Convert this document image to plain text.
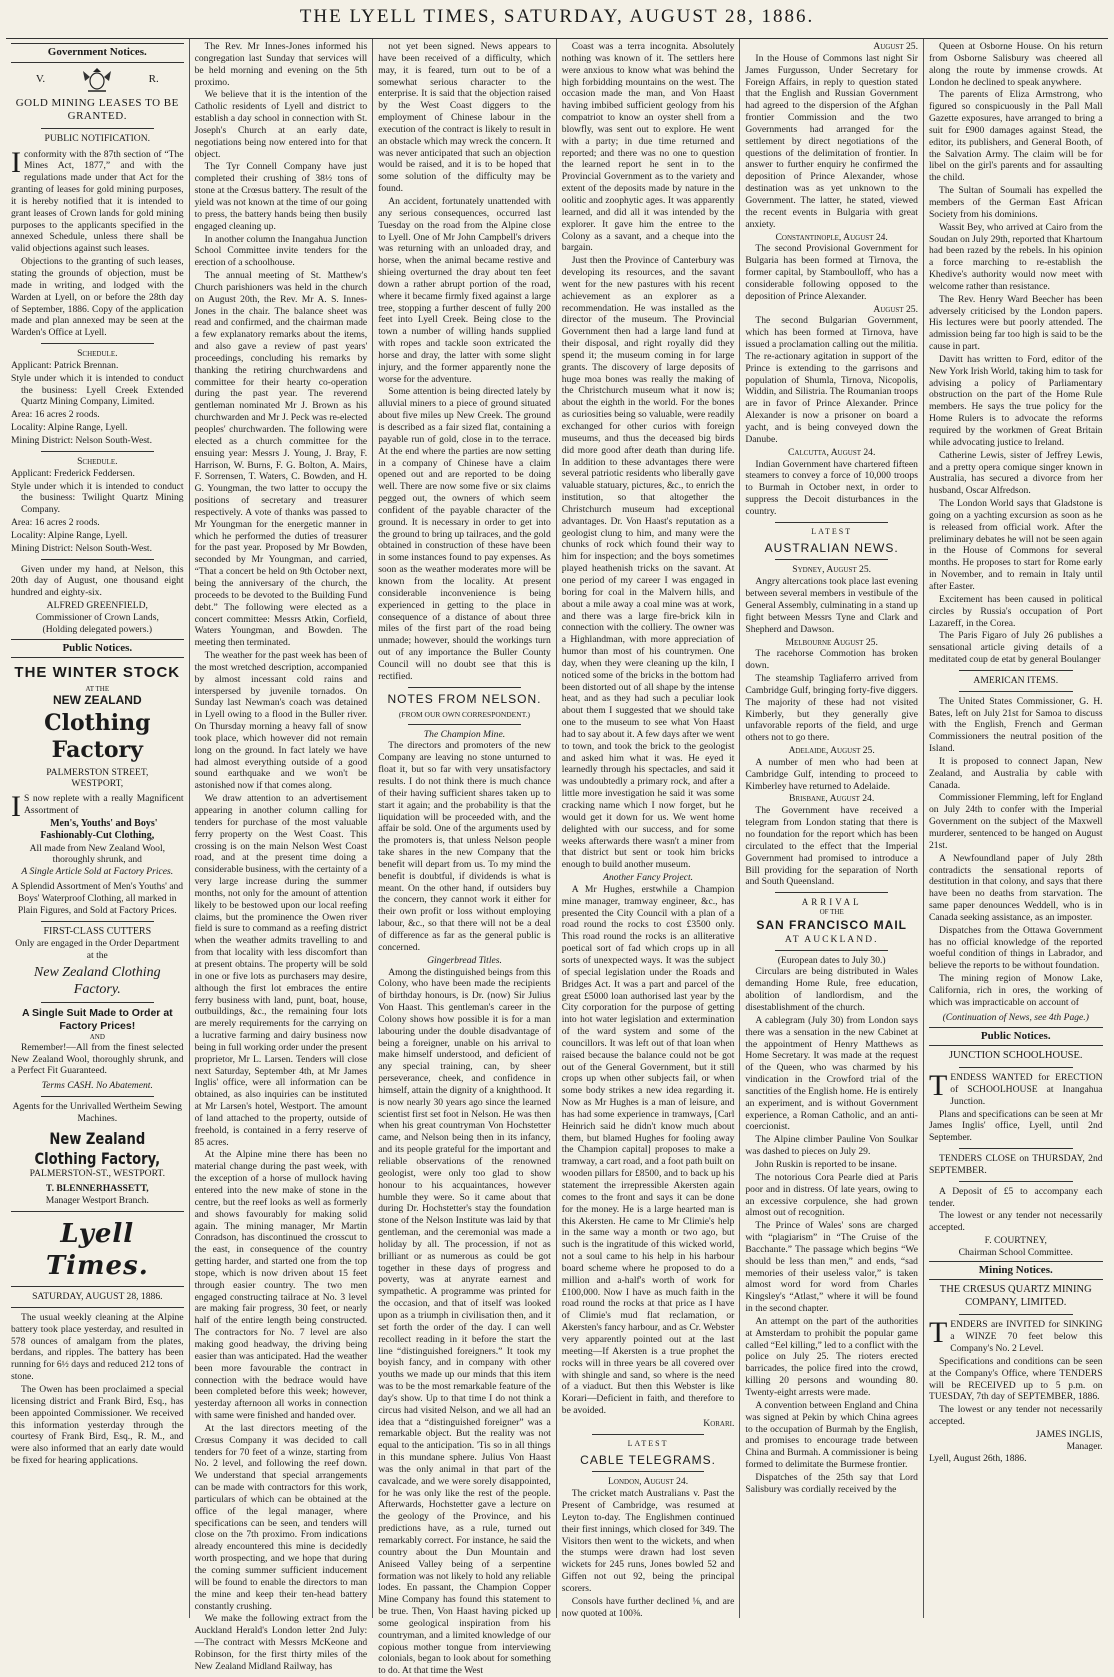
THE LYELL TIMES, SATURDAY, AUGUST 28, 1886.
Government Notices.
V.	R.
GOLD MINING LEASES TO BE GRANTED.
PUBLIC NOTIFICATION.

Iconformity with the 87th section of “The Mines Act, 1877,” and with the regulations made under that Act for the granting of leases for gold mining purposes, it is hereby notified that it is intended to grant leases of Crown lands for gold mining purposes to the applicants specified in the annexed Schedule, unless there shall be valid objections against such leases.

Objections to the granting of such leases, stating the grounds of objection, must be made in writing, and lodged with the Warden at Lyell, on or before the 28th day of September, 1886. Copy of the application made and plan annexed may be seen at the Warden's Office at Lyell.

Schedule.

Applicant: Patrick Brennan.

Style under which it is intended to conduct the business: Lyell Creek Extended Quartz Mining Company, Limited.

Area: 16 acres 2 roods.

Locality: Alpine Range, Lyell.

Mining District: Nelson South-West.

Schedule.

Applicant: Frederick Feddersen.

Style under which it is intended to conduct the business: Twilight Quartz Mining Company.

Area: 16 acres 2 roods.

Locality: Alpine Range, Lyell.

Mining District: Nelson South-West.

Given under my hand, at Nelson, this 20th day of August, one thousand eight hundred and eighty-six.

ALFRED GREENFIELD,
Commissioner of Crown Lands,
(Holding delegated powers.)
Public Notices.
THE WINTER STOCK
AT THE
NEW ZEALAND
Clothing Factory
PALMERSTON STREET,
WESTPORT,

I S now replete with a really Magnificent Assortment of

Men's, Youths' and Boys' Fashionably-Cut Clothing,
All made from New Zealand Wool, thoroughly shrunk, and
A Single Article Sold at Factory Prices.

A Splendid Assortment of Men's Youths' and Boys' Waterproof Clothing, all marked in Plain Figures, and Sold at Factory Prices.

FIRST-CLASS CUTTERS
Only are engaged in the Order Department at the
New Zealand Clothing Factory.
A Single Suit Made to Order at Factory Prices!
AND

Remember!—All from the finest selected New Zealand Wool, thoroughly shrunk, and a Perfect Fit Guaranteed.

Terms CASH. No Abatement.
Agents for the Unrivalled Wertheim Sewing Machines.
New Zealand Clothing Factory,
PALMERSTON-ST., WESTPORT.
T. BLENNERHASSETT,
Manager Westport Branch.
Lyell Times.
SATURDAY, AUGUST 28, 1886.

The usual weekly cleaning at the Alpine battery took place yesterday, and resulted in 578 ounces of amalgam from the plates, berdans, and ripples. The battery has been running for 6½ days and reduced 212 tons of stone.

The Owen has been proclaimed a special licensing district and Frank Bird, Esq., has been appointed Commissioner. We received this information yesterday through the courtesy of Frank Bird, Esq., R. M., and were also informed that an early date would be fixed for hearing applications.

The Rev. Mr Innes-Jones informed his congregation last Sunday that services will be held morning and evening on the 5th proximo.

We believe that it is the intention of the Catholic residents of Lyell and district to establish a day school in connection with St. Joseph's Church at an early date, negotiations being now entered into for that object.

The Tyr Connell Company have just completed their crushing of 38½ tons of stone at the Crœsus battery. The result of the yield was not known at the time of our going to press, the battery hands being then busily engaged cleaning up.

In another column the Inangahua Junction School Committee invite tenders for the erection of a schoolhouse.

The annual meeting of St. Matthew's Church parishioners was held in the church on August 20th, the Rev. Mr A. S. Innes-Jones in the chair. The balance sheet was read and confirmed, and the chairman made a few explanatory remarks about the items, and also gave a review of past years' proceedings, concluding his remarks by thanking the retiring churchwardens and committee for their hearty co-operation during the past year. The reverend gentleman nominated Mr J. Brown as his churchwarden and Mr J. Peck was re-elected peoples' churchwarden. The following were elected as a church committee for the ensuing year: Messrs J. Young, J. Bray, F. Harrison, W. Burns, F. G. Bolton, A. Mairs, F. Sorrensen, T. Waters, C. Bowden, and H. G. Youngman, the two latter to occupy the positions of secretary and treasurer respectively. A vote of thanks was passed to Mr Youngman for the energetic manner in which he performed the duties of treasurer for the past year. Proposed by Mr Bowden, seconded by Mr Youngman, and carried, “That a concert be held on 9th October next, being the anniversary of the church, the proceeds to be devoted to the Building Fund debt.” The following were elected as a concert committee: Messrs Atkin, Corfield, Waters Youngman, and Bowden. The meeting then terminated.

The weather for the past week has been of the most wretched description, accompanied by almost incessant cold rains and interspersed by juvenile tornados. On Sunday last Newman's coach was detained in Lyell owing to a flood in the Buller river. On Thursday morning a heavy fall of snow took place, which however did not remain long on the ground. In fact lately we have had almost everything outside of a good sound earthquake and we won't be astonished now if that comes along.

We draw attention to an advertisement appearing in another column calling for tenders for purchase of the most valuable ferry property on the West Coast. This crossing is on the main Nelson West Coast road, and at the present time doing a considerable business, with the certainty of a very large increase during the summer months, not only for the amount of attention likely to be bestowed upon our local reefing claims, but the prominence the Owen river field is sure to command as a reefing district when the weather admits travelling to and from that locality with less discomfort than at present obtains. The property will be sold in one or five lots as purchasers may desire, although the first lot embraces the entire ferry business with land, punt, boat, house, outbuildings, &c., the remaining four lots are merely requirements for the carrying on a lucrative farming and dairy business now being in full working order under the present proprietor, Mr L. Larsen. Tenders will close next Saturday, September 4th, at Mr James Inglis' office, were all information can be obtained, as also inquiries can be instituted at Mr Larsen's hotel, Westport. The amount of land attached to the property, outside of freehold, is contained in a ferry reserve of 85 acres.

At the Alpine mine there has been no material change during the past week, with the exception of a horse of mullock having entered into the new make of stone in the centre, but the reef looks as well as formerly and shows favourably for making solid again. The mining manager, Mr Martin Conradson, has discontinued the crosscut to the east, in consequence of the country getting harder, and started one from the top stope, which is now driven about 15 feet through easier country. The two men engaged constructing tailrace at No. 3 level are making fair progress, 30 feet, or nearly half of the entire length being constructed. The contractors for No. 7 level are also making good headway, the driving being easier than was anticipated. Had the weather been more favourable the contract in connection with the bedrace would have been completed before this week; however, yesterday afternoon all works in connection with same were finished and handed over.

At the last directors meeting of the Crœsus Company it was decided to call tenders for 70 feet of a winze, starting from No. 2 level, and following the reef down. We understand that special arrangements can be made with contractors for this work, particulars of which can be obtained at the office of the legal manager, where specifications can be seen, and tenders will close on the 7th proximo. From indications already encountered this mine is decidedly worth prospecting, and we hope that during the coming summer sufficient inducement will be found to enable the directors to man the mine and keep their ten-head battery constantly crushing.

We make the following extract from the Auckland Herald's London letter 2nd July:—The contract with Messrs McKeone and Robinson, for the first thirty miles of the New Zealand Midland Railway, has

not yet been signed. News appears to have been received of a difficulty, which may, it is feared, turn out to be of a somewhat serious character to the enterprise. It is said that the objection raised by the West Coast diggers to the employment of Chinese labour in the execution of the contract is likely to result in an obstacle which may wreck the concern. It was never anticipated that such an objection would be raised, and it is to be hoped that some solution of the difficulty may be found.

An accident, fortunately unattended with any serious consequences, occurred last Tuesday on the road from the Alpine close to Lyell. One of Mr John Campbell's drivers was returning with an unloaded dray, and horse, when the animal became restive and shieing overturned the dray about ten feet down a rather abrupt portion of the road, where it became firmly fixed against a large tree, stopping a further descent of fully 200 feet into Lyell Creek. Being close to the town a number of willing hands supplied with ropes and tackle soon extricated the horse and dray, the latter with some slight injury, and the former apparently none the worse for the adventure.

Some attention is being directed lately by alluvial miners to a piece of ground situated about five miles up New Creek. The ground is described as a fair sized flat, containing a payable run of gold, close in to the terrace. At the end where the parties are now setting in a company of Chinese have a claim opened out and are reported to be doing well. There are now some five or six claims pegged out, the owners of which seem confident of the payable character of the ground. It is necessary in order to get into the ground to bring up tailraces, and the gold obtained in construction of these have been in some instances found to pay expenses. As soon as the weather moderates more will be known from the locality. At present considerable inconvenience is being experienced in getting to the place in consequence of a distance of about three miles of the first part of the road being unmade; however, should the workings turn out of any importance the Buller County Council will no doubt see that this is rectified.

NOTES FROM NELSON.
(FROM OUR OWN CORRESPONDENT.)
The Champion Mine.

The directors and promoters of the new Company are leaving no stone unturned to float it, but so far with very unsatisfactory results. I do not think there is much chance of their having sufficient shares taken up to start it again; and the probability is that the liquidation will be proceeded with, and the affair be sold. One of the arguments used by the promoters is, that unless Nelson people take shares in the new Company that the benefit will depart from us. To my mind the benefit is doubtful, if dividends is what is meant. On the other hand, if outsiders buy the concern, they cannot work it either for their own profit or loss without employing labour, &c., so that there will not be a deal of difference as far as the general public is concerned.

Gingerbread Titles.

Among the distinguished beings from this Colony, who have been made the recipients of birthday honours, is Dr. (now) Sir Julius Von Haast. This gentleman's career in the Colony shows how possible it is for a man labouring under the double disadvantage of being a foreigner, unable on his arrival to make himself understood, and deficient of any special training, can, by sheer perseverance, cheek, and confidence in himself, attain the dignity of a knighthood. It is now nearly 30 years ago since the learned scientist first set foot in Nelson. He was then when his great countryman Von Hochstetter came, and Nelson being then in its infancy, and its people grateful for the important and reliable observations of the renowned geologist, were only too glad to show honour to his acquaintances, however humble they were. So it came about that during Dr. Hochstetter's stay the foundation stone of the Nelson Institute was laid by that gentleman, and the ceremonial was made a holiday by all. The procession, if not as brilliant or as numerous as could be got together in these days of progress and poverty, was at anyrate earnest and sympathetic. A programme was printed for the occasion, and that of itself was looked upon as a triumph in civilisation then, and it set forth the order of the day. I can well recollect reading in it before the start the line “distinguished foreigners.” It took my boyish fancy, and in company with other youths we made up our minds that this item was to be the most remarkable feature of the day's show. Up to that time I do not think a circus had visited Nelson, and we all had an idea that a “distinguished foreigner” was a remarkable object. But the reality was not equal to the anticipation. 'Tis so in all things in this mundane sphere. Julius Von Haast was the only animal in that part of the cavalcade, and we were sorely disappointed, for he was only like the rest of the people. Afterwards, Hochstetter gave a lecture on the geology of the Province, and his predictions have, as a rule, turned out remarkably correct. For instance, he said the country about the Dun Mountain and Aniseed Valley being of a serpentine formation was not likely to hold any reliable lodes. En passant, the Champion Copper Mine Company has found this statement to be true. Then, Von Haast having picked up some geological inspiration from his countryman, and a limited knowledge of our copious mother tongue from interviewing colonials, began to look about for something to do. At that time the West

Coast was a terra incognita. Absolutely nothing was known of it. The settlers here were anxious to know what was behind the high forbidding mountains on the west. The occasion made the man, and Von Haast having imbibed sufficient geology from his compatriot to know an oyster shell from a blowfly, was sent out to explore. He went with a party; in due time returned and reported; and there was no one to question the learned report he sent in to the Provincial Government as to the variety and extent of the deposits made by nature in the oolitic and zoophytic ages. It was apparently learned, and did all it was intended by the explorer. It gave him the entree to the Colony as a savant, and a cheque into the bargain.

Just then the Province of Canterbury was developing its resources, and the savant went for the new pastures with his recent achievement as an explorer as a recommendation. He was installed as the director of the museum. The Provincial Government then had a large land fund at their disposal, and right royally did they spend it; the museum coming in for large grants. The discovery of large deposits of huge moa bones was really the making of the Christchurch museum what it now is; about the eighth in the world. For the bones as curiosities being so valuable, were readily exchanged for other curios with foreign museums, and thus the deceased big birds did more good after death than during life. In addition to these advantages there were several patriotic residents who liberally gave valuable statuary, pictures, &c., to enrich the institution, so that altogether the Christchurch museum had exceptional advantages. Dr. Von Haast's reputation as a geologist clung to him, and many were the chunks of rock which found their way to him for inspection; and the boys sometimes played heathenish tricks on the savant. At one period of my career I was engaged in boring for coal in the Malvern hills, and about a mile away a coal mine was at work, and there was a large fire-brick kiln in connection with the colliery. The owner was a Highlandman, with more appreciation of humor than most of his countrymen. One day, when they were cleaning up the kiln, I noticed some of the bricks in the bottom had been distorted out of all shape by the intense heat, and as they had such a peculiar look about them I suggested that we should take one to the museum to see what Von Haast had to say about it. A few days after we went to town, and took the brick to the geologist and asked him what it was. He eyed it learnedly through his spectacles, and said it was undoubtedly a primary rock, and after a little more investigation he said it was some cracking name which I now forget, but he would get it down for us. We went home delighted with our success, and for some weeks afterwards there wasn't a miner from that district but sent or took him bricks enough to build another museum.

Another Fancy Project.

A Mr Hughes, erstwhile a Champion mine manager, tramway engineer, &c., has presented the City Council with a plan of a road round the rocks to cost £3500 only. This road round the rocks is an alliterative poetical sort of fad which crops up in all sorts of unexpected ways. It was the subject of special legislation under the Roads and Bridges Act. It was a part and parcel of the great £5000 loan authorised last year by the City corporation for the purpose of getting into hot water legislation and extermination of the ward system and some of the councillors. It was left out of that loan when raised because the balance could not be got out of the General Government, but it still crops up when other subjects fail, or when some body strikes a new idea regarding it. Now as Mr Hughes is a man of leisure, and has had some experience in tramways, [Carl Heinrich said he didn't know much about them, but blamed Hughes for fooling away the Champion capital] proposes to make a tramway, a cart road, and a foot path built on wooden pillars for £8500, and to back up his statement the irrepressible Akersten again comes to the front and says it can be done for the money. He is a large hearted man is this Akersten. He came to Mr Climie's help in the same way a month or two ago, but such is the ingratitude of this wicked world, not a soul came to his help in his harbour board scheme where he proposed to do a million and a-half's worth of work for £100,000. Now I have as much faith in the road round the rocks at that price as I have of Climie's mud flat reclamation, or Akersten's fancy harbour, and as Cr. Webster very apparently pointed out at the last meeting—If Akersten is a true prophet the rocks will in three years be all covered over with shingle and sand, so where is the need of a viaduct. But then this Webster is like Korari—Deficient in faith, and therefore to be avoided.

Korari.
LATEST
CABLE TELEGRAMS.
London, August 24.

The cricket match Australians v. Past the Present of Cambridge, was resumed at Leyton to-day. The Englishmen continued their first innings, which closed for 349. The Visitors then went to the wickets, and when the stumps were drawn had lost seven wickets for 245 runs, Jones bowled 52 and Giffen not out 92, being the principal scorers.

Consols have further declined ⅛, and are now quoted at 100⅜.

August 25.

In the House of Commons last night Sir James Furgusson, Under Secretary for Foreign Affairs, in reply to question stated that the English and Russian Government had agreed to the dispersion of the Afghan frontier Commission and the two Governments had arranged for the settlement by direct negotiations of the questions of the delimitation of frontier. In answer to further enquiry he confirmed the deposition of Prince Alexander, whose destination was as yet unknown to the Government. The latter, he stated, viewed the recent events in Bulgaria with great anxiety.

Constantinople, August 24.

The second Provisional Government for Bulgaria has been formed at Tirnova, the former capital, by Stamboulloff, who has a considerable following opposed to the deposition of Prince Alexander.

August 25.

The second Bulgarian Government, which has been formed at Tirnova, have issued a proclamation calling out the militia. The re-actionary agitation in support of the Prince is extending to the garrisons and population of Shumla, Tirnova, Nicopolis, Widdin, and Silistria. The Roumanian troops are in favor of Prince Alexander. Prince Alexander is now a prisoner on board a yacht, and is being conveyed down the Danube.

Calcutta, August 24.

Indian Government have chartered fifteen steamers to convey a force of 10,000 troops to Burmah in October next, in order to suppress the Decoit disturbances in the country.

LATEST
AUSTRALIAN NEWS.
Sydney, August 25.

Angry altercations took place last evening between several members in vestibule of the General Assembly, culminating in a stand up fight between Messrs Tyne and Clark and Shepherd and Dawson.

Melbourne August 25.

The racehorse Commotion has broken down.

The steamship Tagliaferro arrived from Cambridge Gulf, bringing forty-five diggers. The majority of these had not visited Kimberly, but they generally give unfavorable reports of the field, and urge others not to go there.

Adelaide, August 25.

A number of men who had been at Cambridge Gulf, intending to proceed to Kimberley have returned to Adelaide.

Brisbane, August 24.

The Government have received a telegram from London stating that there is no foundation for the report which has been circulated to the effect that the Imperial Government had promised to introduce a Bill providing for the separation of North and South Queensland.

ARRIVAL
OF THE
SAN FRANCISCO MAIL
AT AUCKLAND.
(European dates to July 30.)

Circulars are being distributed in Wales demanding Home Rule, free education, abolition of landlordism, and the disestablishment of the church.

A cablegram (July 30) from London says there was a sensation in the new Cabinet at the appointment of Henry Matthews as Home Secretary. It was made at the request of the Queen, who was charmed by his vindication in the Crowford trial of the sanctities of the English home. He is entirely an experiment, and is without Government experience, a Roman Catholic, and an anti-coercionist.

The Alpine climber Pauline Von Soulkar was dashed to pieces on July 29.

John Ruskin is reported to be insane.

The notorious Cora Pearle died at Paris poor and in distress. Of late years, owing to an excessive corpulence, she had grown almost out of recognition.

The Prince of Wales' sons are charged with “plagiarism” in “The Cruise of the Bacchante.” The passage which begins “We should be less than men,” and ends, “sad memories of their useless valor,” is taken almost word for word from Charles Kingsley's “Atlast,” where it will be found in the second chapter.

An attempt on the part of the authorities at Amsterdam to prohibit the popular game called “Eel killing,” led to a conflict with the police on July 25. The rioters erected barricades, the police fired into the crowd, killing 20 persons and wounding 80. Twenty-eight arrests were made.

A convention between England and China was signed at Pekin by which China agrees to the occupation of Burmah by the English, and promises to encourage trade between China and Burmah. A commissioner is being formed to delimitate the Burmese frontier.

Dispatches of the 25th say that Lord Salisbury was cordially received by the

Queen at Osborne House. On his return from Osborne Salisbury was cheered all along the route by immense crowds. At London he declined to speak anywhere.

The parents of Eliza Armstrong, who figured so conspicuously in the Pall Mall Gazette exposures, have arranged to bring a suit for £900 damages against Stead, the editor, its publishers, and General Booth, of the Salvation Army. The claim will be for libel on the girl's parents and for assaulting the child.

The Sultan of Soumali has expelled the members of the German East African Society from his dominions.

Wassit Bey, who arrived at Cairo from the Soudan on July 29th, reported that Khartoum had been razed by the rebels. In his opinion a force marching to re-establish the Khedive's authority would now meet with welcome rather than resistance.

The Rev. Henry Ward Beecher has been adversely criticised by the London papers. His lectures were but poorly attended. The admission being far too high is said to be the cause in part.

Davitt has written to Ford, editor of the New York Irish World, taking him to task for advising a policy of Parliamentary obstruction on the part of the Home Rule members. He says the true policy for the Home Rulers is to advocate the reforms required by the workmen of Great Britain while advocating justice to Ireland.

Catherine Lewis, sister of Jeffrey Lewis, and a pretty opera comique singer known in Australia, has secured a divorce from her husband, Oscar Alfredson.

The London World says that Gladstone is going on a yachting excursion as soon as he is released from official work. After the preliminary debates he will not be seen again in the House of Commons for several months. He proposes to start for Rome early in November, and to remain in Italy until after Easter.

Excitement has been caused in political circles by Russia's occupation of Port Lazareff, in the Corea.

The Paris Figaro of July 26 publishes a sensational article giving details of a meditated coup de etat by general Boulanger

AMERICAN ITEMS.

The United States Commissioner, G. H. Bates, left on July 21st for Samoa to discuss with the English, French and German Commissioners the neutral position of the Island.

It is proposed to connect Japan, New Zealand, and Australia by cable with Canada.

Commissioner Flemming, left for England on July 24th to confer with the Imperial Government on the subject of the Maxwell murderer, sentenced to be hanged on August 21st.

A Newfoundland paper of July 28th contradicts the sensational reports of destitution in that colony, and says that there have been no deaths from starvation. The same paper denounces Weddell, who is in Canada seeking assistance, as an imposter.

Dispatches from the Ottawa Government has no official knowledge of the reported woeful condition of things in Labrador, and believe the reports to be without foundation.

The mining region of Monow Lake, California, rich in ores, the working of which was impracticable on account of

(Continuation of News, see 4th Page.)
Public Notices.
JUNCTION SCHOOLHOUSE.

TENDESS WANTED for ERECTION of SCHOOLHOUSE at Inangahua Junction.

Plans and specifications can be seen at Mr James Inglis' office, Lyell, until 2nd September.

TENDERS CLOSE on THURSDAY, 2nd SEPTEMBER.

A Deposit of £5 to accompany each tender.

The lowest or any tender not necessarily accepted.

F. COURTNEY,
Chairman School Committee.
Mining Notices.
THE CRŒSUS QUARTZ MINING COMPANY, LIMITED.

TENDERS are INVITED for SINKING a WINZE 70 feet below this Company's No. 2 Level.

Specifications and conditions can be seen at the Company's Office, where TENDERS will be RECEIVED up to 5 p.m. on TUESDAY, 7th day of SEPTEMBER, 1886.

The lowest or any tender not necessarily accepted.

JAMES INGLIS,
Manager.
Lyell, August 26th, 1886.
